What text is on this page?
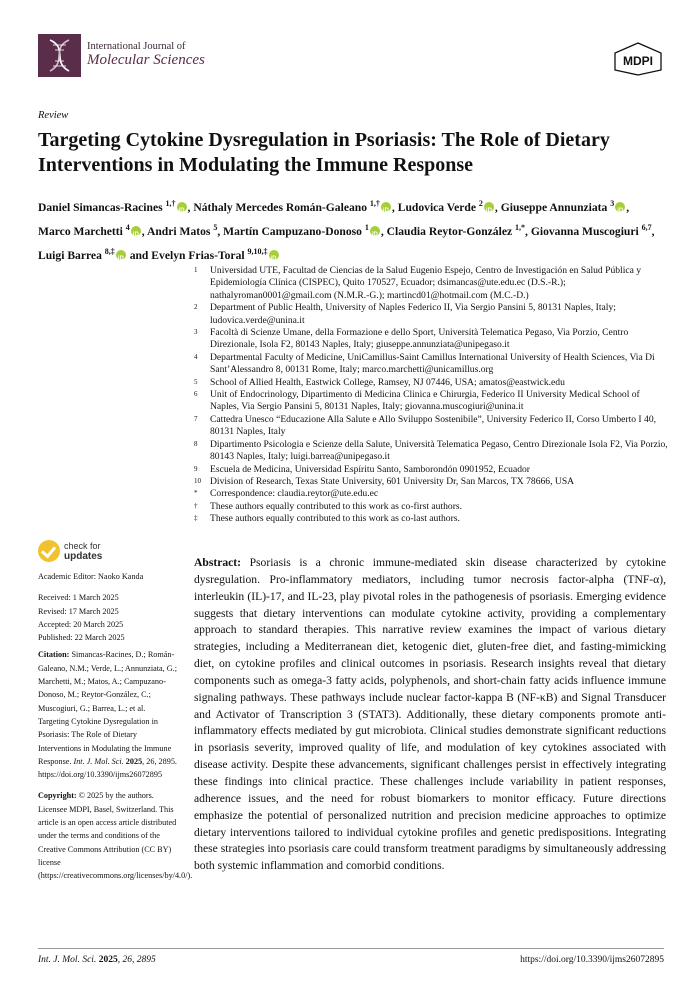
International Journal of
Molecular Sciences	MDPI
Review
Targeting Cytokine Dysregulation in Psoriasis: The Role of Dietary Interventions in Modulating the Immune Response
Daniel Simancas-Racines $^{1,\dagger}$ iD , Náthaly Mercedes Román-Galeano $^{1,\dagger}$ iD , Ludovica Verde $^2$ iD , Giuseppe Annunziata $^3$ iD , Marco Marchetti $^4$ iD , Andri Matos $^5$, Martín Campuzano-Donoso $^1$ iD , Claudia Reytor-González $^{1,*}$, Giovanna Muscogiuri $^{6,7}$, Luigi Barrea $^{8,\ddagger}$ iD and Evelyn Frias-Toral $^{9,10,\ddagger}$iD
1 Universidad UTE, Facultad de Ciencias de la Salud Eugenio Espejo, Centro de Investigación en Salud Pública y Epidemiología Clínica (CISPEC), Quito 170527, Ecuador; dsimancas@ute.edu.ec (D.S.-R.); nathalyroman0001@gmail.com (N.M.R.-G.); martincd01@hotmail.com (M.C.-D.)
2 Department of Public Health, University of Naples Federico II, Via Sergio Pansini 5, 80131 Naples, Italy; ludovica.verde@unina.it
3 Facoltà di Scienze Umane, della Formazione e dello Sport, Università Telematica Pegaso, Via Porzio, Centro Direzionale, Isola F2, 80143 Naples, Italy; giuseppe.annunziata@unipegaso.it
4 Departmental Faculty of Medicine, UniCamillus-Saint Camillus International University of Health Sciences, Via Di Sant’Alessandro 8, 00131 Rome, Italy; marco.marchetti@unicamillus.org
5 School of Allied Health, Eastwick College, Ramsey, NJ 07446, USA; amatos@eastwick.edu
6 Unit of Endocrinology, Dipartimento di Medicina Clinica e Chirurgia, Federico II University Medical School of Naples, Via Sergio Pansini 5, 80131 Naples, Italy; giovanna.muscogiuri@unina.it
7 Cattedra Unesco “Educazione Alla Salute e Allo Sviluppo Sostenibile”, University Federico II, Corso Umberto I 40, 80131 Naples, Italy
8 Dipartimento Psicologia e Scienze della Salute, Università Telematica Pegaso, Centro Direzionale Isola F2, Via Porzio, 80143 Naples, Italy; luigi.barrea@unipegaso.it
9 Escuela de Medicina, Universidad Espíritu Santo, Samborondón 0901952, Ecuador
10 Division of Research, Texas State University, 601 University Dr, San Marcos, TX 78666, USA
* Correspondence: claudia.reytor@ute.edu.ec
† These authors equally contributed to this work as co-first authors.
‡ These authors equally contributed to this work as co-last authors.
check for
updates

Academic Editor: Naoko Kanda

Received: 1 March 2025
Revised: 17 March 2025
Accepted: 20 March 2025
Published: 22 March 2025

Citation: Simancas-Racines, D.; Román-Galeano, N.M.; Verde, L.; Annunziata, G.; Marchetti, M.; Matos, A.; Campuzano-Donoso, M.; Reytor-González, C.; Muscogiuri, G.; Barrea, L.; et al. Targeting Cytokine Dysregulation in Psoriasis: The Role of Dietary Interventions in Modulating the Immune Response. Int. J. Mol. Sci. 2025, 26, 2895. https://doi.org/10.3390/ijms26072895

Copyright: © 2025 by the authors. Licensee MDPI, Basel, Switzerland. This article is an open access article distributed under the terms and conditions of the Creative Commons Attribution (CC BY) license (https://creativecommons.org/licenses/by/4.0/).

Abstract: Psoriasis is a chronic immune-mediated skin disease characterized by cytokine dysregulation. Pro-inflammatory mediators, including tumor necrosis factor-alpha (TNF-α), interleukin (IL)-17, and IL-23, play pivotal roles in the pathogenesis of psoriasis. Emerging evidence suggests that dietary interventions can modulate cytokine activity, providing a complementary approach to standard therapies. This narrative review examines the impact of various dietary strategies, including a Mediterranean diet, ketogenic diet, gluten-free diet, and fasting-mimicking diet, on cytokine profiles and clinical outcomes in psoriasis. Research insights reveal that dietary components such as omega-3 fatty acids, polyphenols, and short-chain fatty acids influence immune signaling pathways. These pathways include nuclear factor-kappa B (NF-κB) and Signal Transducer and Activator of Transcription 3 (STAT3). Additionally, these dietary components promote anti-inflammatory effects mediated by gut microbiota. Clinical studies demonstrate significant reductions in psoriasis severity, improved quality of life, and modulation of key cytokines associated with disease activity. Despite these advancements, significant challenges persist in effectively integrating these findings into clinical practice. These challenges include variability in patient responses, adherence issues, and the need for robust biomarkers to monitor efficacy. Future directions emphasize the potential of personalized nutrition and precision medicine approaches to optimize dietary interventions tailored to individual cytokine profiles and genetic predispositions. Integrating these strategies into psoriasis care could transform treatment paradigms by simultaneously addressing both systemic inflammation and comorbid conditions.
Int. J. Mol. Sci. 2025, 26, 2895	https://doi.org/10.3390/ijms26072895
